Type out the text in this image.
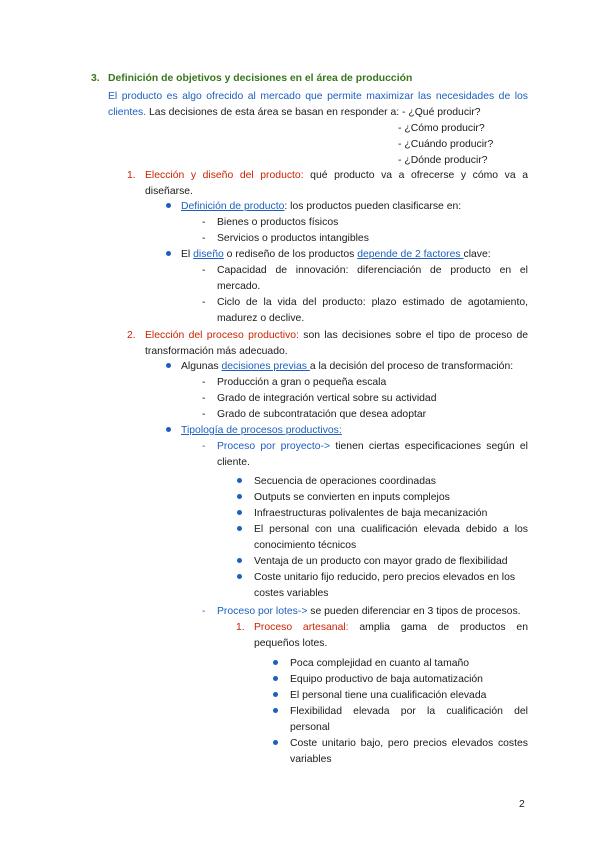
3. Definición de objetivos y decisiones en el área de producción
El producto es algo ofrecido al mercado que permite maximizar las necesidades de los
clientes. Las decisiones de esta área se basan en responder a: - ¿Qué producir?
- ¿Cómo producir?
- ¿Cuándo producir?
- ¿Dónde producir?
1. Elección y diseño del producto: qué producto va a ofrecerse y cómo va a
diseñarse.
Definición de producto: los productos pueden clasificarse en:
- Bienes o productos físicos
- Servicios o productos intangibles
El diseño o rediseño de los productos depende de 2 factores clave:
- Capacidad de innovación: diferenciación de producto en el
mercado.
- Ciclo de la vida del producto: plazo estimado de agotamiento,
madurez o declive.
2. Elección del proceso productivo: son las decisiones sobre el tipo de proceso de
transformación más adecuado.
Algunas decisiones previas a la decisión del proceso de transformación:
- Producción a gran o pequeña escala
- Grado de integración vertical sobre su actividad
- Grado de subcontratación que desea adoptar
Tipología de procesos productivos:
- Proceso por proyecto-> tienen ciertas especificaciones según el
cliente.
Secuencia de operaciones coordinadas
Outputs se convierten en inputs complejos
Infraestructuras polivalentes de baja mecanización
El personal con una cualificación elevada debido a los
conocimiento técnicos
Ventaja de un producto con mayor grado de flexibilidad
Coste unitario fijo reducido, pero precios elevados en los
costes variables
- Proceso por lotes-> se pueden diferenciar en 3 tipos de procesos.
1. Proceso artesanal: amplia gama de productos en
pequeños lotes.
Poca complejidad en cuanto al tamaño
Equipo productivo de baja automatización
El personal tiene una cualificación elevada
Flexibilidad elevada por la cualificación del
personal
Coste unitario bajo, pero precios elevados costes
variables
2
